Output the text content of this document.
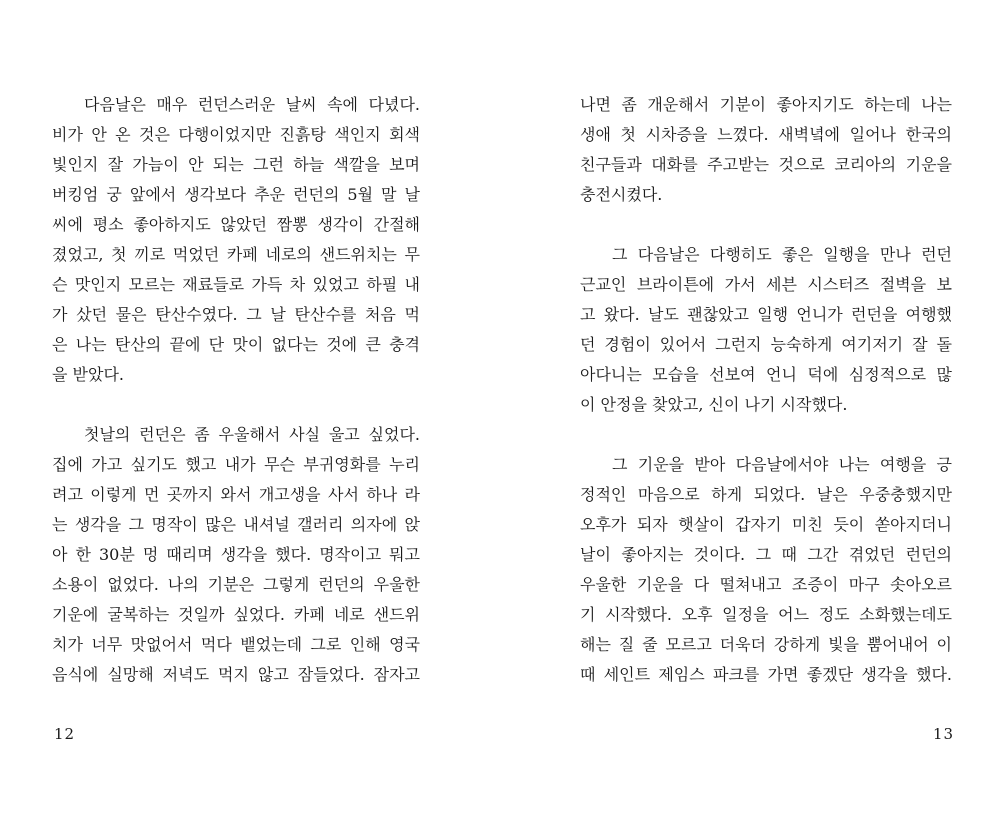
다음날은 매우 런던스러운 날씨 속에 다녔다.
비가 안 온 것은 다행이었지만 진흙탕 색인지 회색
빛인지 잘 가늠이 안 되는 그런 하늘 색깔을 보며
버킹엄 궁 앞에서 생각보다 추운 런던의 5월 말 날
씨에 평소 좋아하지도 않았던 짬뽕 생각이 간절해
졌었고, 첫 끼로 먹었던 카페 네로의 샌드위치는 무
슨 맛인지 모르는 재료들로 가득 차 있었고 하필 내
가 샀던 물은 탄산수였다. 그 날 탄산수를 처음 먹
은 나는 탄산의 끝에 단 맛이 없다는 것에 큰 충격
을 받았다.
첫날의 런던은 좀 우울해서 사실 울고 싶었다.
집에 가고 싶기도 했고 내가 무슨 부귀영화를 누리
려고 이렇게 먼 곳까지 와서 개고생을 사서 하나 라
는 생각을 그 명작이 많은 내셔널 갤러리 의자에 앉
아 한 30분 멍 때리며 생각을 했다. 명작이고 뭐고
소용이 없었다. 나의 기분은 그렇게 런던의 우울한
기운에 굴복하는 것일까 싶었다. 카페 네로 샌드위
치가 너무 맛없어서 먹다 뱉었는데 그로 인해 영국
음식에 실망해 저녁도 먹지 않고 잠들었다. 잠자고
12
나면 좀 개운해서 기분이 좋아지기도 하는데 나는
생애 첫 시차증을 느꼈다. 새벽녘에 일어나 한국의
친구들과 대화를 주고받는 것으로 코리아의 기운을
충전시켰다.
그 다음날은 다행히도 좋은 일행을 만나 런던
근교인 브라이튼에 가서 세븐 시스터즈 절벽을 보
고 왔다. 날도 괜찮았고 일행 언니가 런던을 여행했
던 경험이 있어서 그런지 능숙하게 여기저기 잘 돌
아다니는 모습을 선보여 언니 덕에 심정적으로 많
이 안정을 찾았고, 신이 나기 시작했다.
그 기운을 받아 다음날에서야 나는 여행을 긍
정적인 마음으로 하게 되었다. 날은 우중충했지만
오후가 되자 햇살이 갑자기 미친 듯이 쏟아지더니
날이 좋아지는 것이다. 그 때 그간 겪었던 런던의
우울한 기운을 다 떨쳐내고 조증이 마구 솟아오르
기 시작했다. 오후 일정을 어느 정도 소화했는데도
해는 질 줄 모르고 더욱더 강하게 빛을 뿜어내어 이
때 세인트 제임스 파크를 가면 좋겠단 생각을 했다.
13
